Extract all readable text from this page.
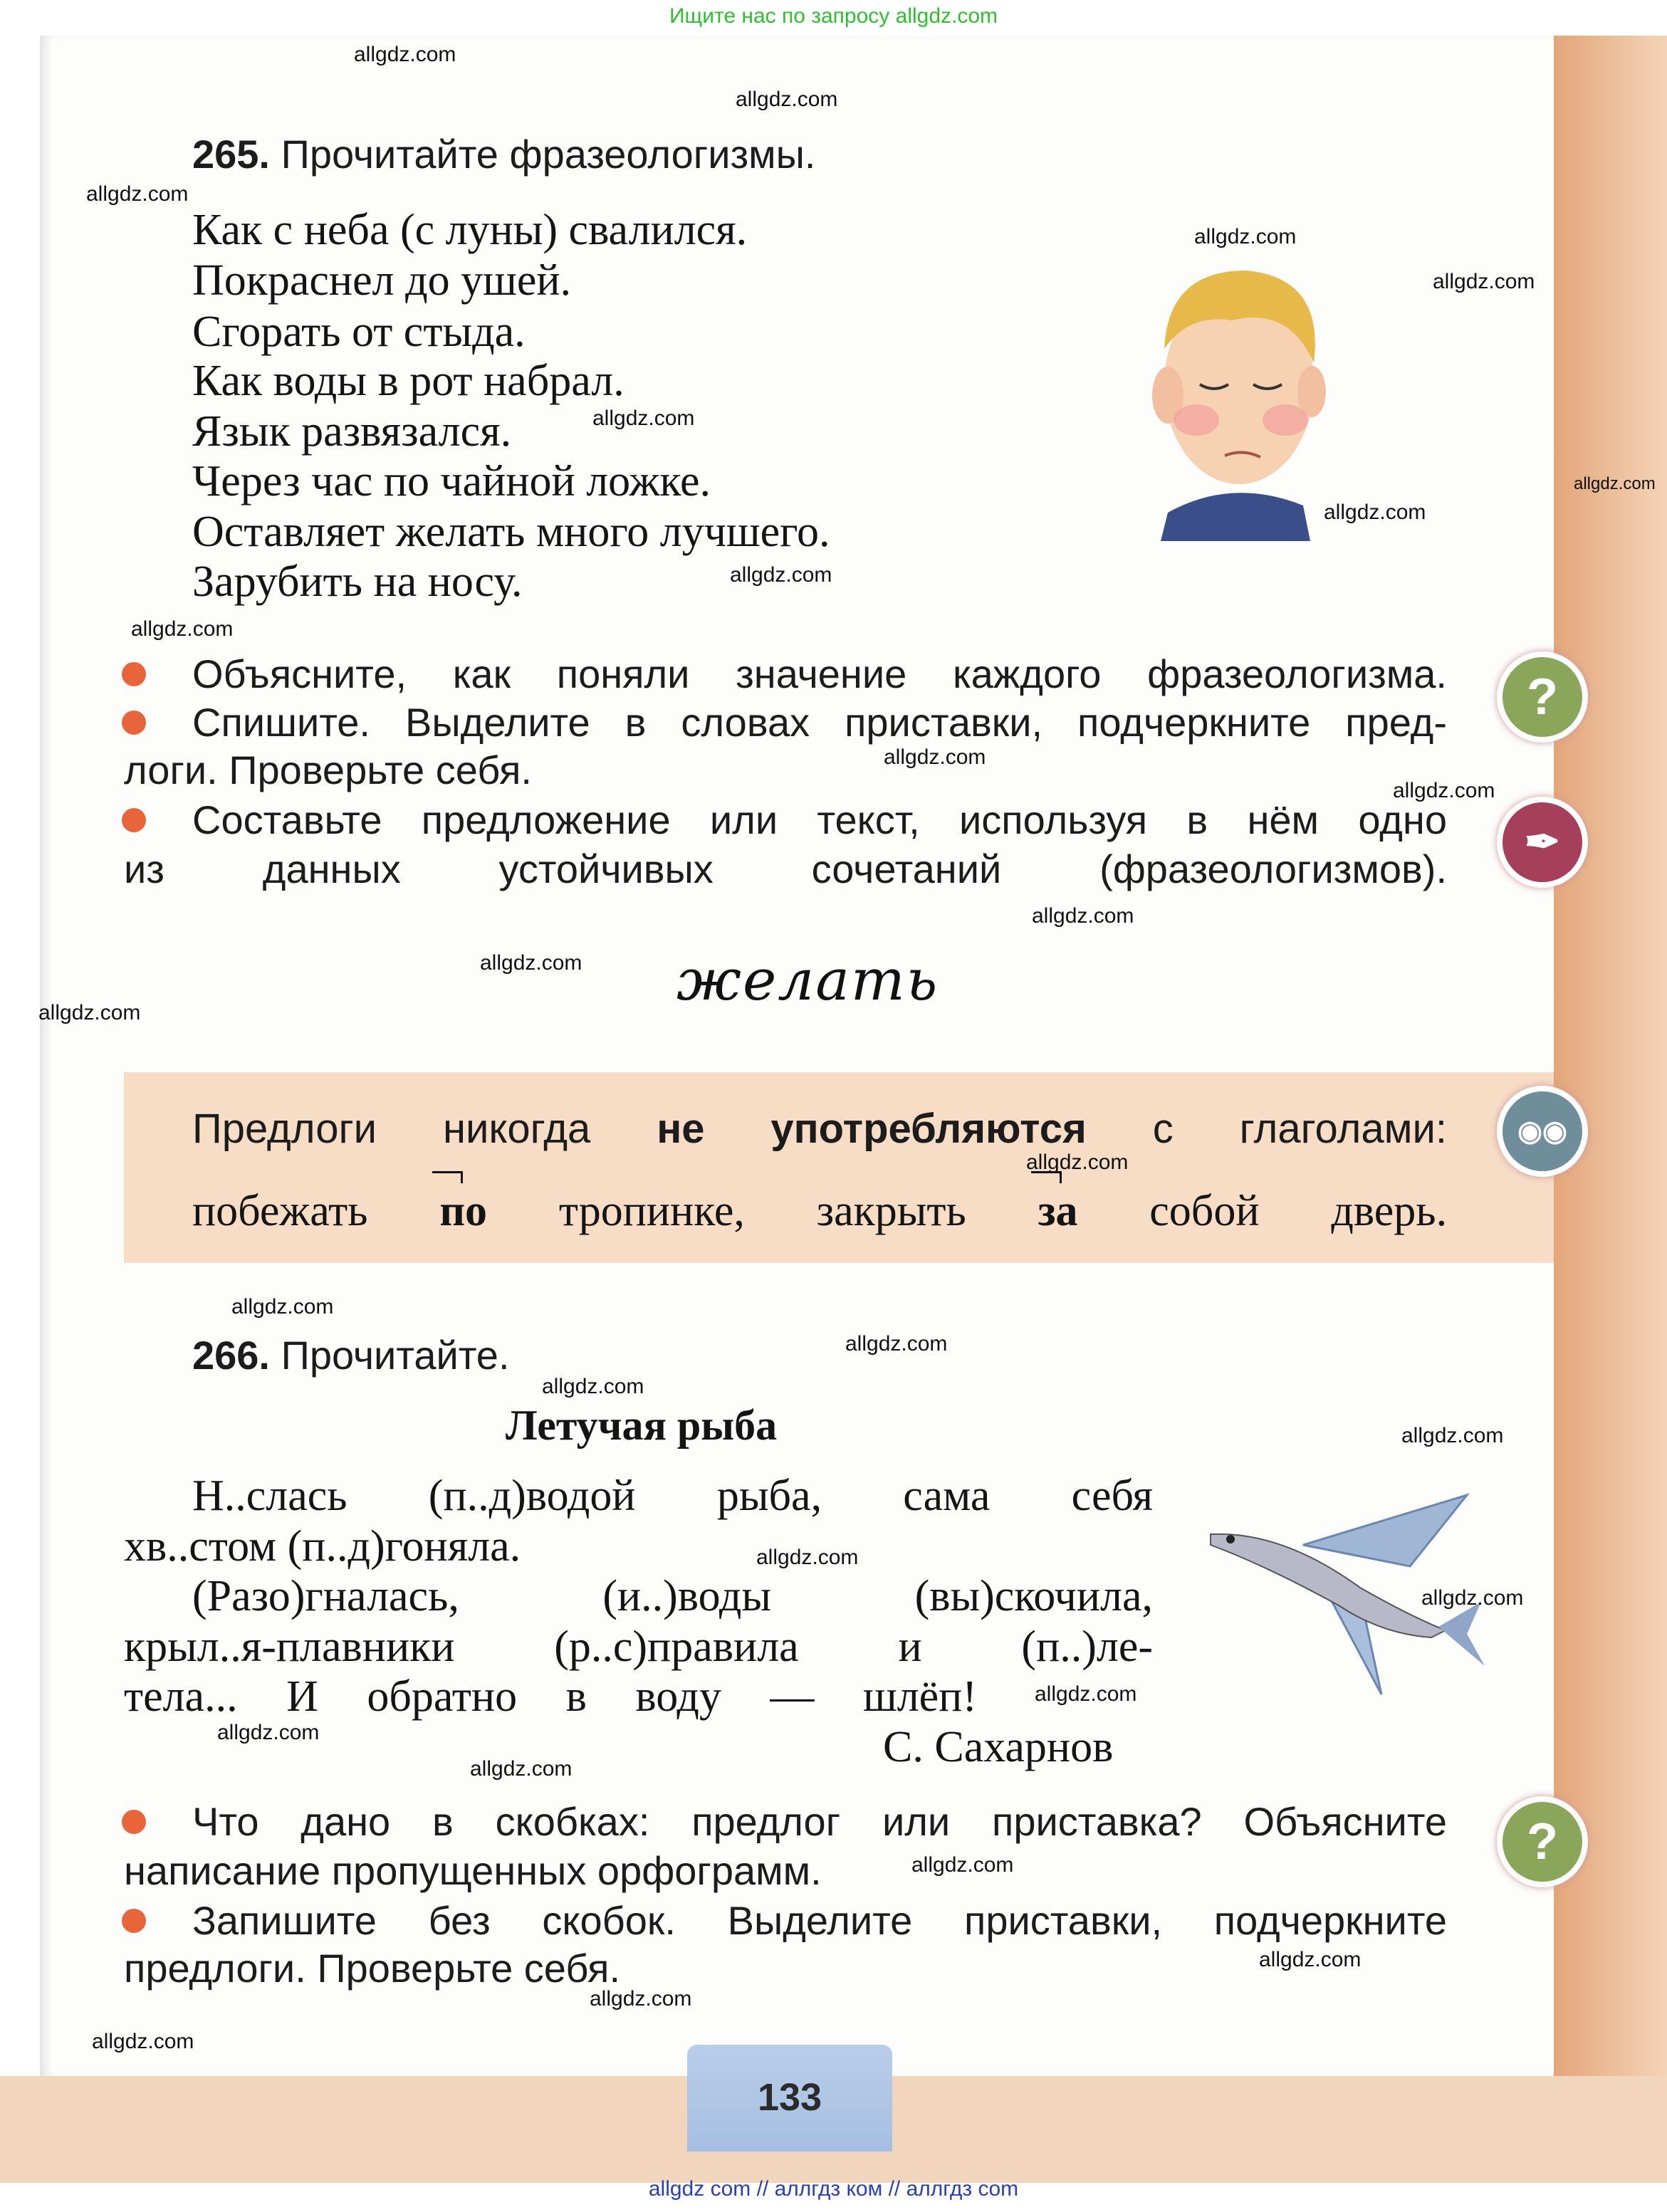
Ищите нас по запросу allgdz.com
allgdz com // аллгдз ком // аллгдз com
265. Прочитайте фразеологизмы.
Как с неба (с луны) свалился.
Покраснел до ушей.
Сгорать от стыда.
Как воды в рот набрал.
Язык развязался.
Через час по чайной ложке.
Оставляет желать много лучшего.
Зарубить на носу.
Объясните, как поняли значение каждого фразеологизма.
Спишите. Выделите в словах приставки, подчеркните пред-
логи. Проверьте себя.
Составьте предложение или текст, используя в нём одно
из данных устойчивых сочетаний (фразеологизмов).
желать
Предлоги никогда не употребляются с глаголами:
побежать по тропинке, закрыть за собой дверь.
266. Прочитайте.
Летучая рыба
Н..слась (п..д)водой рыба, сама себя
хв..стом (п..д)гоняла.
(Разо)гналась, (и..)воды (вы)скочила,
крыл..я-плавники (р..с)правила и (п..)ле-
тела... И обратно в воду — шлёп!
С. Сахарнов
Что дано в скобках: предлог или приставка? Объясните
написание пропущенных орфограмм.
Запишите без скобок. Выделите приставки, подчеркните
предлоги. Проверьте себя.
?
✒
◉◉
?
133
allgdz.com
allgdz.com
allgdz.com
allgdz.com
allgdz.com
allgdz.com
allgdz.com
allgdz.com
allgdz.com
allgdz.com
allgdz.com
allgdz.com
allgdz.com
allgdz.com
allgdz.com
allgdz.com
allgdz.com
allgdz.com
allgdz.com
allgdz.com
allgdz.com
allgdz.com
allgdz.com
allgdz.com
allgdz.com
allgdz.com
allgdz.com
allgdz.com
allgdz.com
